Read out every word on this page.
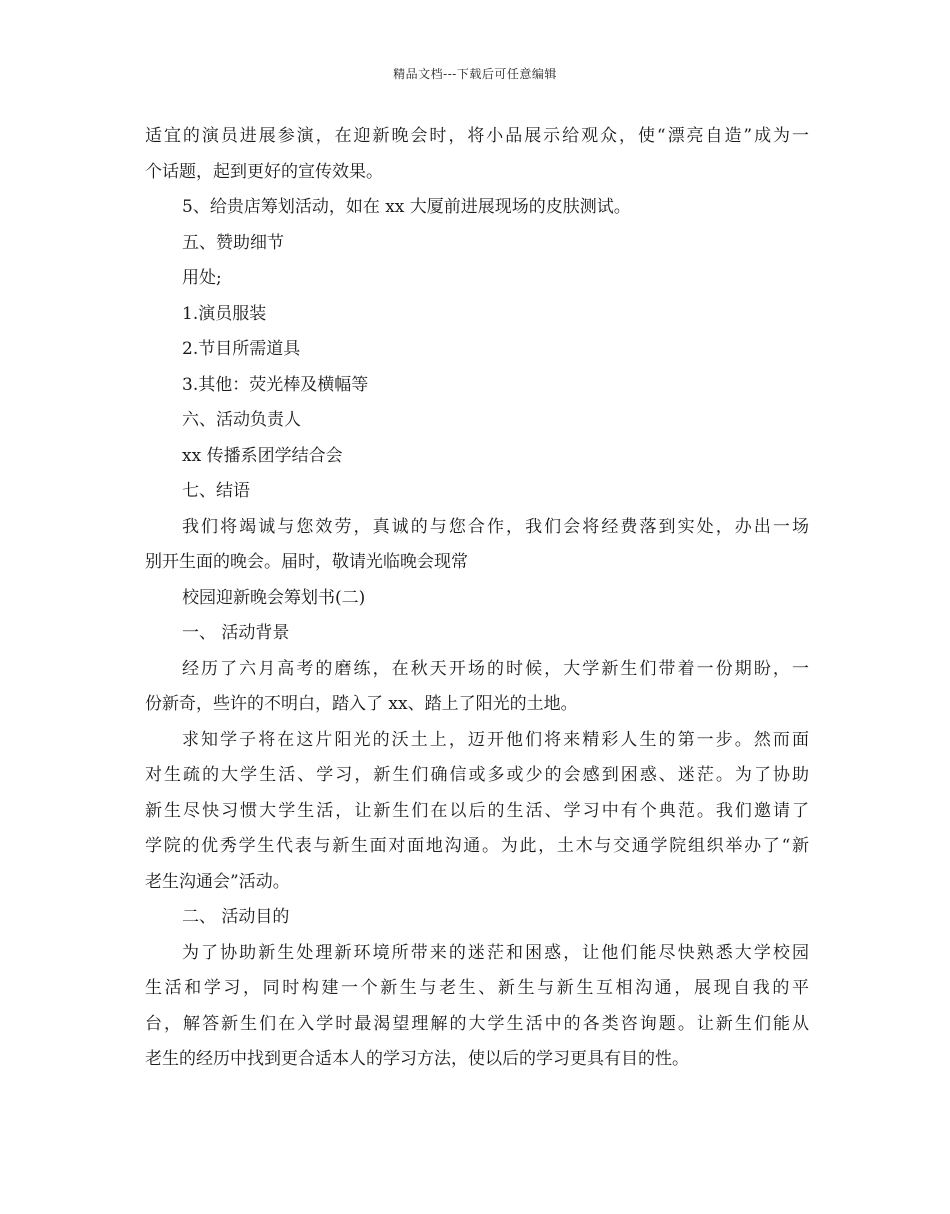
精品文档---下载后可任意编辑
适宜的演员进展参演，在迎新晚会时，将小品展示给观众，使“漂亮自造”成为一
个话题，起到更好的宣传效果。
5、给贵店筹划活动，如在 xx 大厦前进展现场的皮肤测试。
五、赞助细节
用处;
1.演员服装
2.节目所需道具
3.其他：荧光棒及横幅等
六、活动负责人
xx 传播系团学结合会
七、结语
我们将竭诚与您效劳，真诚的与您合作，我们会将经费落到实处，办出一场
别开生面的晚会。届时，敬请光临晚会现常
校园迎新晚会筹划书(二)
一、 活动背景
经历了六月高考的磨练，在秋天开场的时候，大学新生们带着一份期盼，一
份新奇，些许的不明白，踏入了 xx、踏上了阳光的土地。
求知学子将在这片阳光的沃土上，迈开他们将来精彩人生的第一步。然而面
对生疏的大学生活、学习，新生们确信或多或少的会感到困惑、迷茫。为了协助
新生尽快习惯大学生活，让新生们在以后的生活、学习中有个典范。我们邀请了
学院的优秀学生代表与新生面对面地沟通。为此，土木与交通学院组织举办了“新
老生沟通会”活动。
二、 活动目的
为了协助新生处理新环境所带来的迷茫和困惑，让他们能尽快熟悉大学校园
生活和学习，同时构建一个新生与老生、新生与新生互相沟通，展现自我的平
台，解答新生们在入学时最渴望理解的大学生活中的各类咨询题。让新生们能从
老生的经历中找到更合适本人的学习方法，使以后的学习更具有目的性。
